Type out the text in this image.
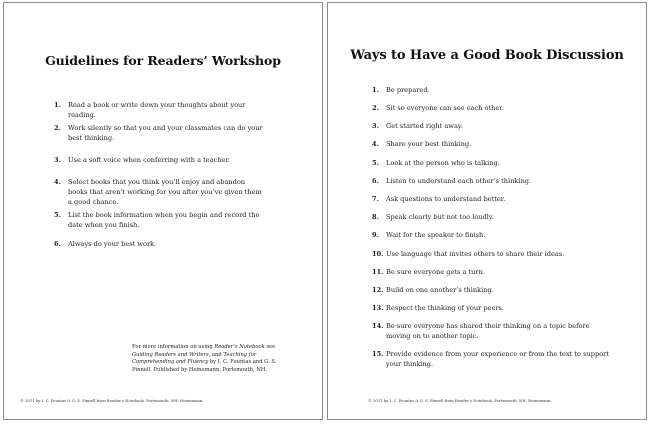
Guidelines for Readers’ Workshop
1.	Read a book or write down your thoughts about your reading.
2.	Work silently so that you and your classmates can do your best thinking.
3.	Use a soft voice when conferring with a teacher.
4.	Select books that you think you’ll enjoy and abandon books that aren’t working for you after you’ve given them a good chance.
5.	List the book information when you begin and record the date when you finish.
6.	Always do your best work.
For more information on using Reader’s Notebook see Guiding Readers and Writers, and Teaching for Comprehending and Fluency by I. C. Fountas and G. S. Pinnell. Published by Heinemann, Portsmouth, NH.
© 2011 by I. C. Fountas & G. S. Pinnell from Reader’s Notebook. Portsmouth, NH: Heinemann.
Ways to Have a Good Book Discussion
1.	Be prepared.
2.	Sit so everyone can see each other.
3.	Get started right away.
4.	Share your best thinking.
5.	Look at the person who is talking.
6.	Listen to understand each other’s thinking.
7.	Ask questions to understand better.
8.	Speak clearly but not too loudly.
9.	Wait for the speaker to finish.
10. Use language that invites others to share their ideas.
11. Be sure everyone gets a turn.
12. Build on one another’s thinking.
13. Respect the thinking of your peers.
14. Be sure everyone has shared their thinking on a topic before moving on to another topic.
15. Provide evidence from your experience or from the text to support your thinking.
© 2011 by I. C. Fountas & G. S. Pinnell from Reader’s Notebook. Portsmouth, NH: Heinemann.
